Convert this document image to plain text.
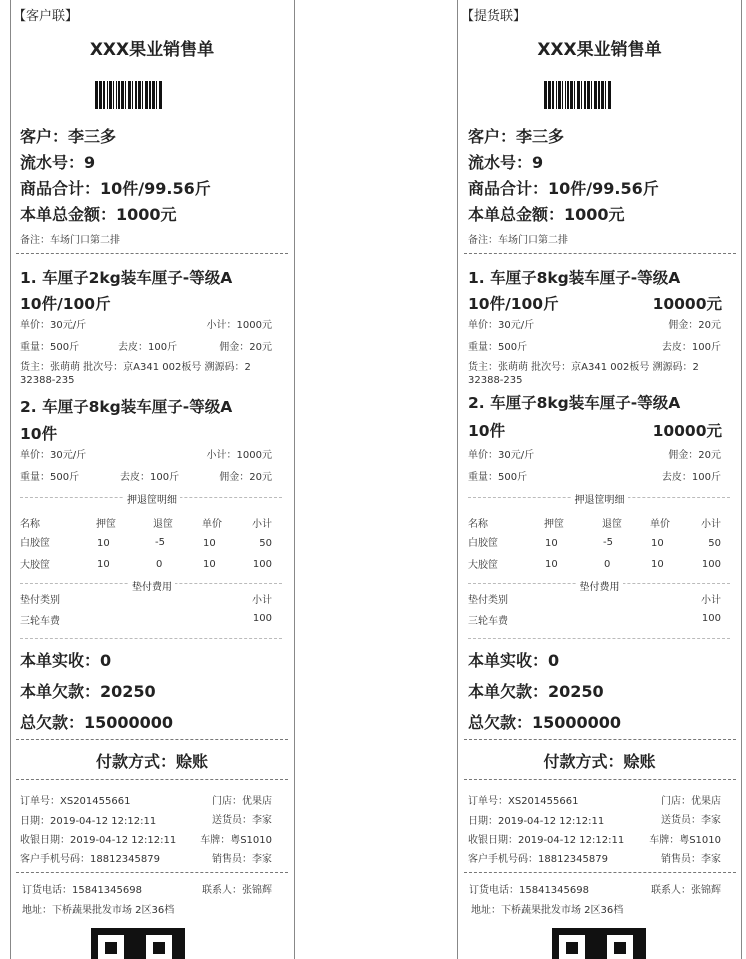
【客户联】
XXX果业销售单
客户：李三多
流水号：9
商品合计：10件/99.56斤
本单总金额：1000元
备注：车场门口第二排
1. 车厘子2kg装车厘子-等级A
10件/100斤
单价：30元/斤	小计：1000元
重量：500斤	去皮：100斤	佣金：20元
货主：张萌萌 批次号：京A341 002板号 溯源码：2
32388-235
2. 车厘子8kg装车厘子-等级A
10件
单价：30元/斤	小计：1000元
重量：500斤	去皮：100斤	佣金：20元
押退筐明细
名称	押筐	退筐	单价	小计
白胶筐	10	-5	10	50
大胶筐	10	0	10	100
垫付费用
垫付类别	小计
三轮车费	100
本单实收：0
本单欠款：20250
总欠款：15000000
付款方式：赊账
订单号：XS201455661	门店：优果店
日期：2019-04-12 12:12:11	送货员：李家
收银日期：2019-04-12 12:12:11 车牌：粤S1010
客户手机号码：18812345879	销售员：李家
订货电话：15841345698	联系人：张锦辉
地址：下桥蔬果批发市场 2区36档
【提货联】
XXX果业销售单
客户：李三多
流水号：9
商品合计：10件/99.56斤
本单总金额：1000元
备注：车场门口第二排
1. 车厘子8kg装车厘子-等级A
10件/100斤	10000元
单价：30元/斤	佣金：20元
重量：500斤	去皮：100斤
货主：张萌萌 批次号：京A341 002板号 溯源码：2
32388-235
2. 车厘子8kg装车厘子-等级A
10件	10000元
单价：30元/斤	佣金：20元
重量：500斤	去皮：100斤
押退筐明细
名称	押筐	退筐	单价	小计
白胶筐	10	-5	10	50
大胶筐	10	0	10	100
垫付费用
垫付类别	小计
三轮车费	100
本单实收：0
本单欠款：20250
总欠款：15000000
付款方式：赊账
订单号：XS201455661	门店：优果店
日期：2019-04-12 12:12:11	送货员：李家
收银日期：2019-04-12 12:12:11 车牌：粤S1010
客户手机号码：18812345879	销售员：李家
订货电话：15841345698	联系人：张锦辉
地址：下桥蔬果批发市场 2区36档
